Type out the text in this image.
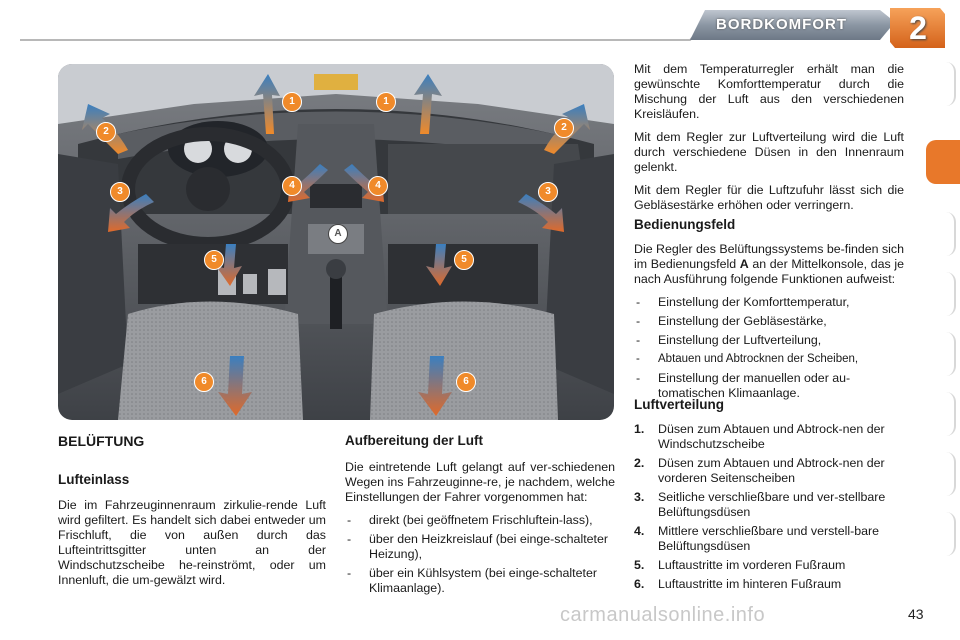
BORDKOMFORT	2
1	1
2	2
3	3
4	4
5	5
6	6
A
BELÜFTUNG
Lufteinlass

Die im Fahrzeuginnenraum zirkulie-rende Luft wird gefiltert. Es handelt sich dabei entweder um Frischluft, die von außen durch das Lufteintrittsgitter unten an der Windschutzscheibe he-reinströmt, oder um Innenluft, die um-gewälzt wird.

Aufbereitung der Luft

Die eintretende Luft gelangt auf ver-schiedenen Wegen ins Fahrzeuginne-re, je nachdem, welche Einstellungen der Fahrer vorgenommen hat:

- direkt (bei geöffnetem Frischluftein-lass),
- über den Heizkreislauf (bei einge-schalteter Heizung),
- über ein Kühlsystem (bei einge-schalteter Klimaanlage).

Mit dem Temperaturregler erhält man die gewünschte Komforttemperatur durch die Mischung der Luft aus den verschiedenen Kreisläufen.

Mit dem Regler zur Luftverteilung wird die Luft durch verschiedene Düsen in den Innenraum gelenkt.

Mit dem Regler für die Luftzufuhr lässt sich die Gebläsestärke erhöhen oder verringern.

Bedienungsfeld

Die Regler des Belüftungssystems be-finden sich im Bedienungsfeld A an der Mittelkonsole, das je nach Ausführung folgende Funktionen aufweist:

- Einstellung der Komforttemperatur,
- Einstellung der Gebläsestärke,
- Einstellung der Luftverteilung,
- Abtauen und Abtrocknen der Scheiben,
- Einstellung der manuellen oder au-tomatischen Klimaanlage.
Luftverteilung
1. Düsen zum Abtauen und Abtrock-nen der Windschutzscheibe
2. Düsen zum Abtauen und Abtrock-nen der vorderen Seitenscheiben
3. Seitliche verschließbare und ver-stellbare Belüftungsdüsen
4. Mittlere verschließbare und verstell-bare Belüftungsdüsen
5. Luftaustritte im vorderen Fußraum
6. Luftaustritte im hinteren Fußraum
carmanualsonline.info	43
